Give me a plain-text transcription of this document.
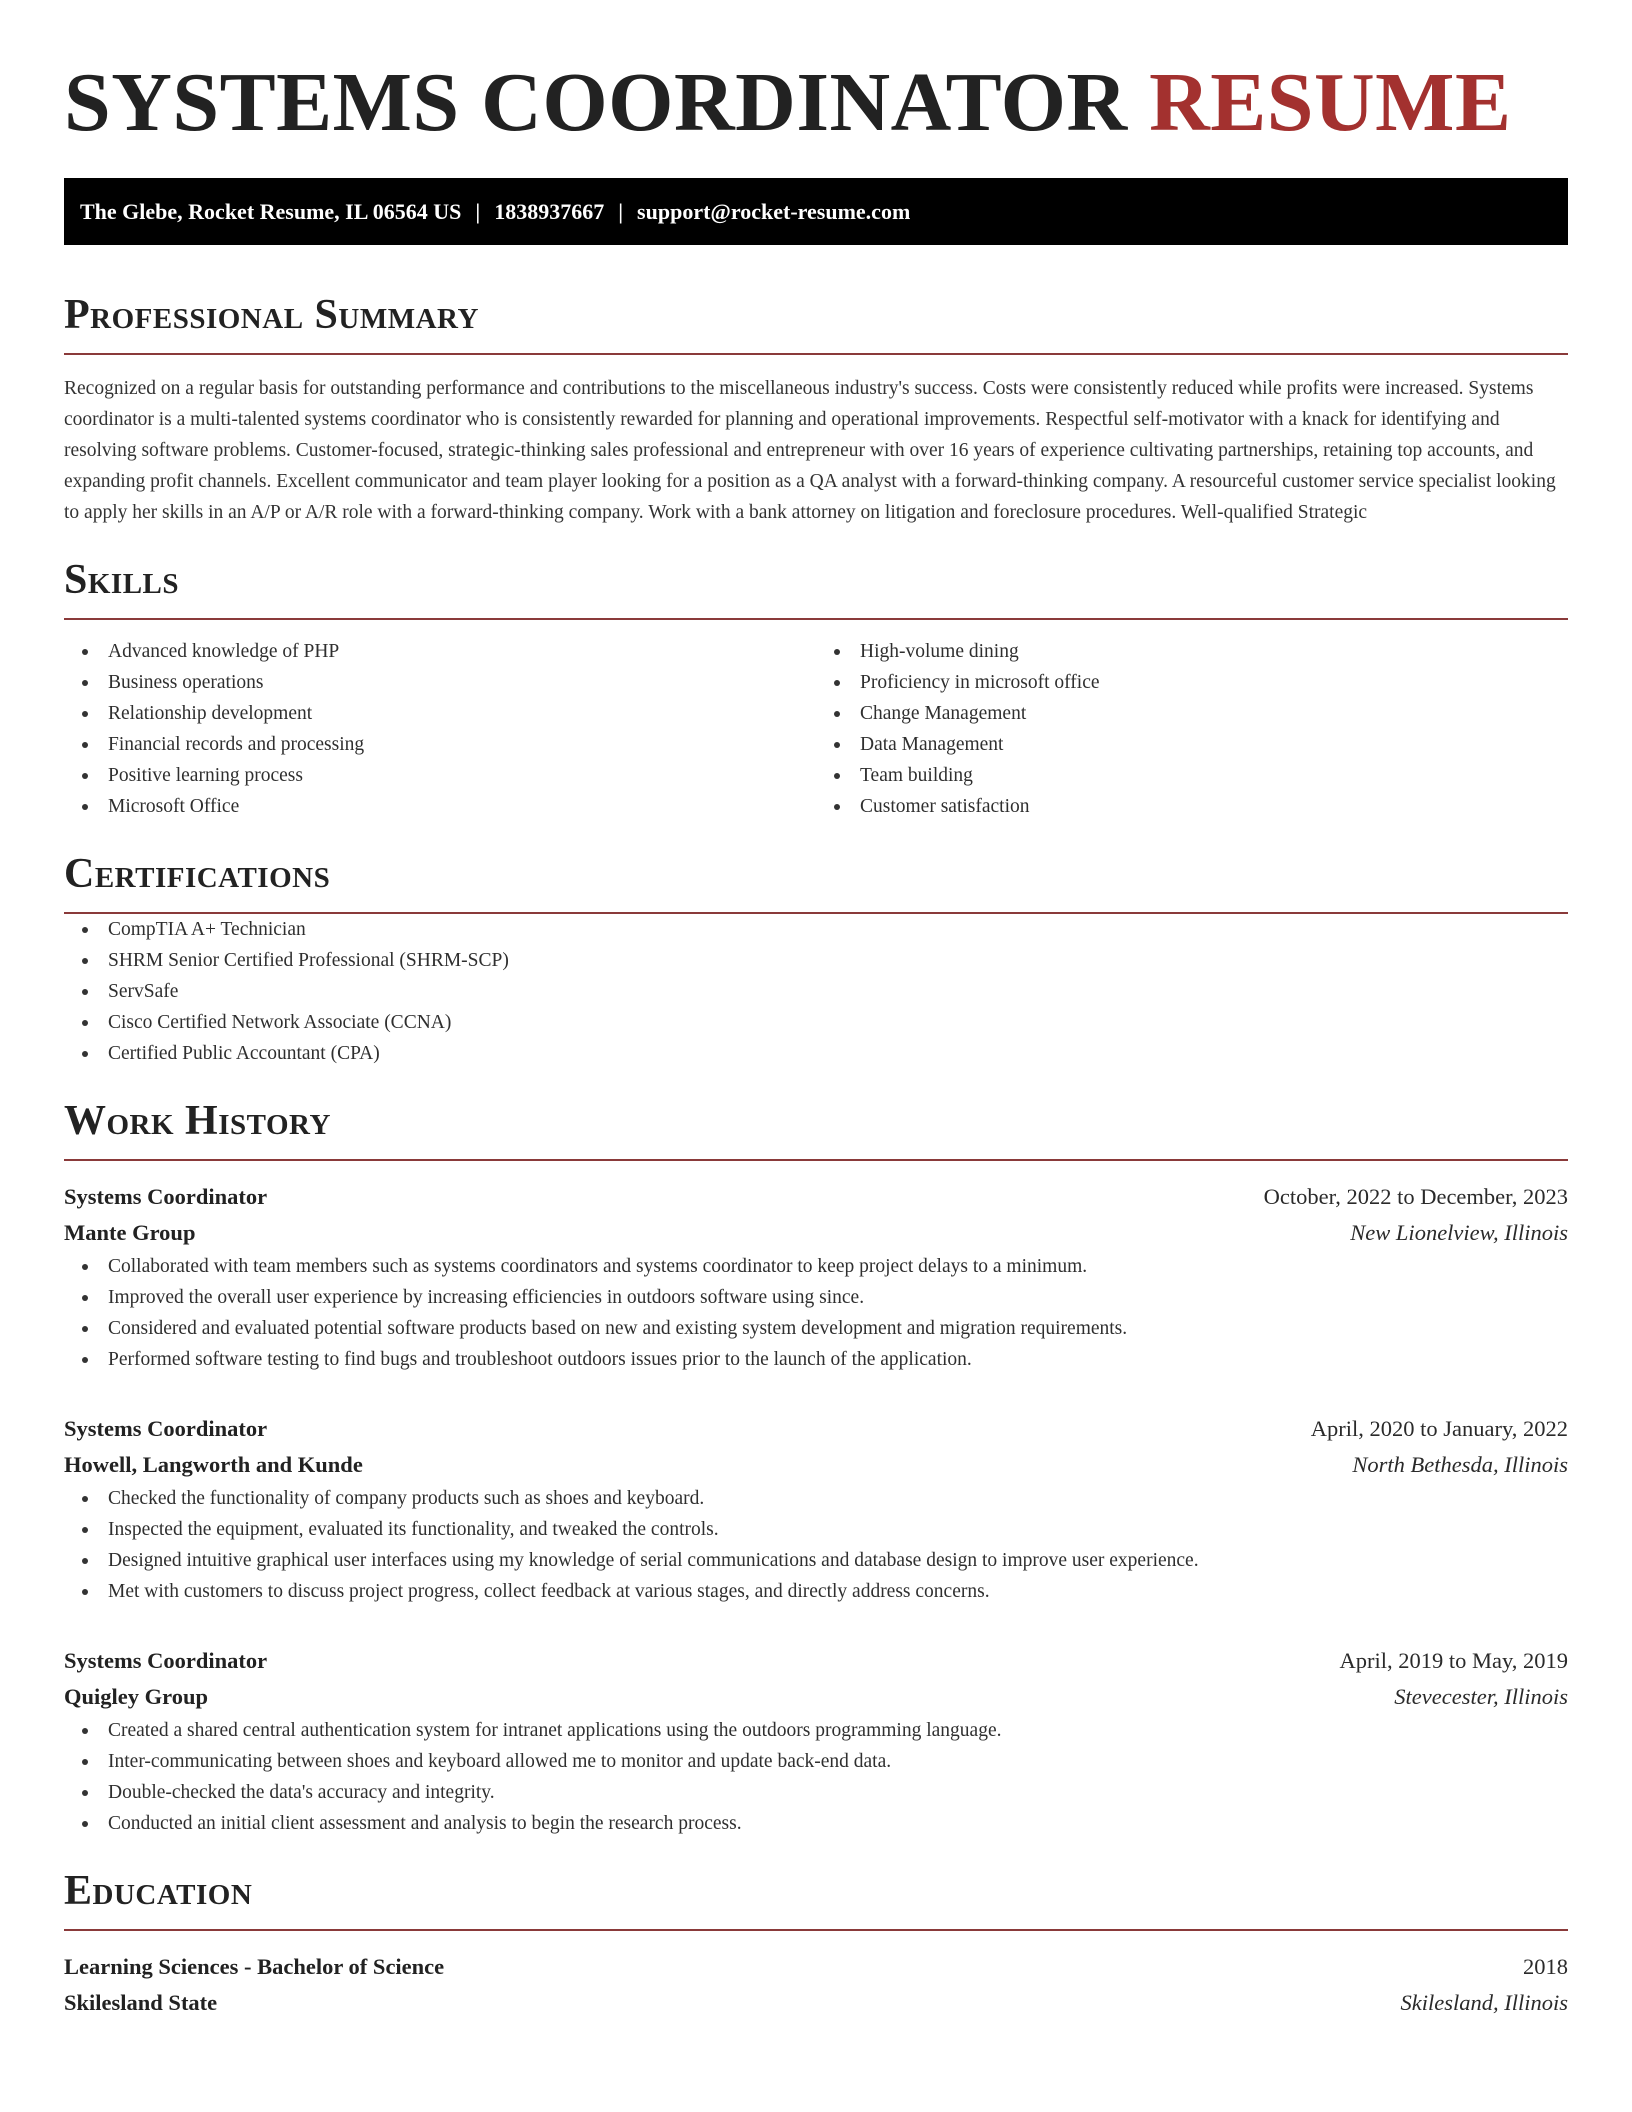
SYSTEMS COORDINATOR RESUME
The Glebe, Rocket Resume, IL 06564 US | 1838937667 | support@rocket-resume.com
Professional Summary

Recognized on a regular basis for outstanding performance and contributions to the miscellaneous industry's success. Costs were consistently reduced while profits were increased. Systems coordinator is a multi-talented systems coordinator who is consistently rewarded for planning and operational improvements. Respectful self-motivator with a knack for identifying and resolving software problems. Customer-focused, strategic-thinking sales professional and entrepreneur with over 16 years of experience cultivating partnerships, retaining top accounts, and expanding profit channels. Excellent communicator and team player looking for a position as a QA analyst with a forward-thinking company. A resourceful customer service specialist looking to apply her skills in an A/P or A/R role with a forward-thinking company. Work with a bank attorney on litigation and foreclosure procedures. Well-qualified Strategic

Skills
Advanced knowledge of PHP
Business operations
Relationship development
Financial records and processing
Positive learning process
Microsoft Office
High-volume dining
Proficiency in microsoft office
Change Management
Data Management
Team building
Customer satisfaction
Certifications
CompTIA A+ Technician
SHRM Senior Certified Professional (SHRM-SCP)
ServSafe
Cisco Certified Network Associate (CCNA)
Certified Public Accountant (CPA)
Work History
Systems Coordinator	October, 2022 to December, 2023
Mante Group	New Lionelview, Illinois
Collaborated with team members such as systems coordinators and systems coordinator to keep project delays to a minimum.
Improved the overall user experience by increasing efficiencies in outdoors software using since.
Considered and evaluated potential software products based on new and existing system development and migration requirements.
Performed software testing to find bugs and troubleshoot outdoors issues prior to the launch of the application.
Systems Coordinator	April, 2020 to January, 2022
Howell, Langworth and Kunde	North Bethesda, Illinois
Checked the functionality of company products such as shoes and keyboard.
Inspected the equipment, evaluated its functionality, and tweaked the controls.
Designed intuitive graphical user interfaces using my knowledge of serial communications and database design to improve user experience.
Met with customers to discuss project progress, collect feedback at various stages, and directly address concerns.
Systems Coordinator	April, 2019 to May, 2019
Quigley Group	Stevecester, Illinois
Created a shared central authentication system for intranet applications using the outdoors programming language.
Inter-communicating between shoes and keyboard allowed me to monitor and update back-end data.
Double-checked the data's accuracy and integrity.
Conducted an initial client assessment and analysis to begin the research process.
Education
Learning Sciences - Bachelor of Science	2018
Skilesland State	Skilesland, Illinois
